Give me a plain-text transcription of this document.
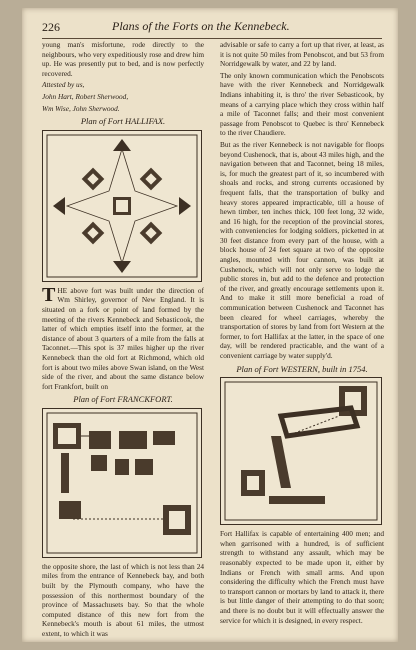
226	Plans of the Forts on the Kennebeck.

young man's misfortune, rode directly to the neighbours, who very expeditiously rose and drew him up. He was presently put to bed, and is now perfectly recovered.

Attested by us,

John Hart, Robert Sherwood,

Wm Wise, John Sherwood.

Plan of Fort HALLIFAX.

THE above fort was built under the direction of Wm Shirley, governor of New England. It is situated on a fork or point of land formed by the meeting of the rivers Kennebeck and Sebasticook, the latter of which empties itself into the former, at the distance of about 3 quarters of a mile from the falls at Taconnet.—This spot is 37 miles higher up the river Kennebeck than the old fort at Richmond, which old fort is about two miles above Swan island, on the West side of the river, and about the same distance below fort Frankfort, built on

Plan of Fort FRANCKFORT.

the opposite shore, the last of which is not less than 24 miles from the entrance of Kennebeck bay, and both built by the Plymouth company, who have the possession of this northermost boundary of the province of Massachusets bay. So that the whole computed distance of this new fort from the Kennebeck's mouth is about 61 miles, the utmost extent, to which it was

advisable or safe to carry a fort up that river, at least, as it is not quite 50 miles from Penobscot, and but 53 from Norridgewalk by water, and 22 by land.

The only known communication which the Penobscots have with the river Kennebeck and Norridgewalk Indians inhabiting it, is thro' the river Sebasticook, by means of a carrying place which they cross within half a mile of Taconnet falls; and their most convenient passage from Penobscot to Quebec is thro' Kennebeck to the river Chaudiere.

But as the river Kennebeck is not navigable for floops beyond Cushenock, that is, about 43 miles high, and the navigation between that and Taconnet, being 18 miles, is, for much the greatest part of it, so incumbered with shoals and rocks, and strong currents occasioned by frequent falls, that the transportation of bulky and heavy stores appeared impracticable, till a house of hewn timber, ten inches thick, 100 feet long, 32 wide, and 16 high, for the reception of the provincial stores, with conveniencies for lodging soldiers, picketted in at 30 feet distance from every part of the house, with a block house of 24 feet square at two of the opposite angles, mounted with four cannon, was built at Cushenock, which will not only serve to lodge the public stores in, but add to the defence and protection of the river, and greatly encourage settlements upon it. And to make it still more beneficial a road of communication between Cushenock and Taconnet has been cleared for wheel carriages, whereby the transportation of stores by land from fort Western at the former, to fort Hallifax at the latter, in the space of one day, will be rendered practicable, and the want of a convenient carriage by water supply'd.

Plan of Fort WESTERN, built in 1754.

Fort Hallifax is capable of entertaining 400 men; and when garrisoned with a hundred, is of sufficient strength to withstand any assault, which may be reasonably expected to be made upon it, either by Indians or French with small arms. And upon considering the difficulty which the French must have to transport cannon or mortars by land to attack it, there is but little danger of their attempting to do that soon; and there is no doubt but it will effectually answer the service for which it is designed, in every respect.
